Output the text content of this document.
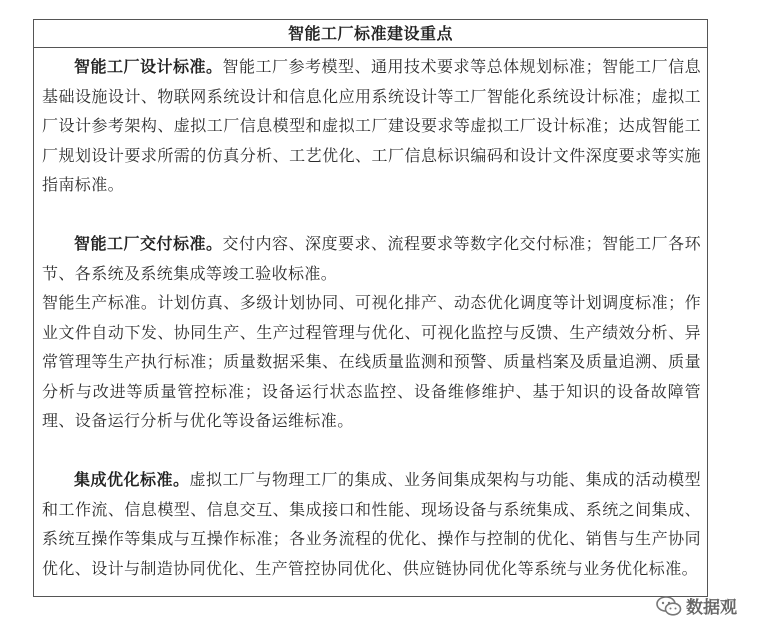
智能工厂标准建设重点

智能工厂设计标准。智能工厂参考模型、通用技术要求等总体规划标准；智能工厂信息基础设施设计、物联网系统设计和信息化应用系统设计等工厂智能化系统设计标准；虚拟工厂设计参考架构、虚拟工厂信息模型和虚拟工厂建设要求等虚拟工厂设计标准；达成智能工厂规划设计要求所需的仿真分析、工艺优化、工厂信息标识编码和设计文件深度要求等实施指南标准。

智能工厂交付标准。交付内容、深度要求、流程要求等数字化交付标准；智能工厂各环节、各系统及系统集成等竣工验收标准。

智能生产标准。计划仿真、多级计划协同、可视化排产、动态优化调度等计划调度标准；作业文件自动下发、协同生产、生产过程管理与优化、可视化监控与反馈、生产绩效分析、异常管理等生产执行标准；质量数据采集、在线质量监测和预警、质量档案及质量追溯、质量分析与改进等质量管控标准；设备运行状态监控、设备维修维护、基于知识的设备故障管理、设备运行分析与优化等设备运维标准。

集成优化标准。虚拟工厂与物理工厂的集成、业务间集成架构与功能、集成的活动模型和工作流、信息模型、信息交互、集成接口和性能、现场设备与系统集成、系统之间集成、系统互操作等集成与互操作标准；各业务流程的优化、操作与控制的优化、销售与生产协同优化、设计与制造协同优化、生产管控协同优化、供应链协同优化等系统与业务优化标准。

数据观
